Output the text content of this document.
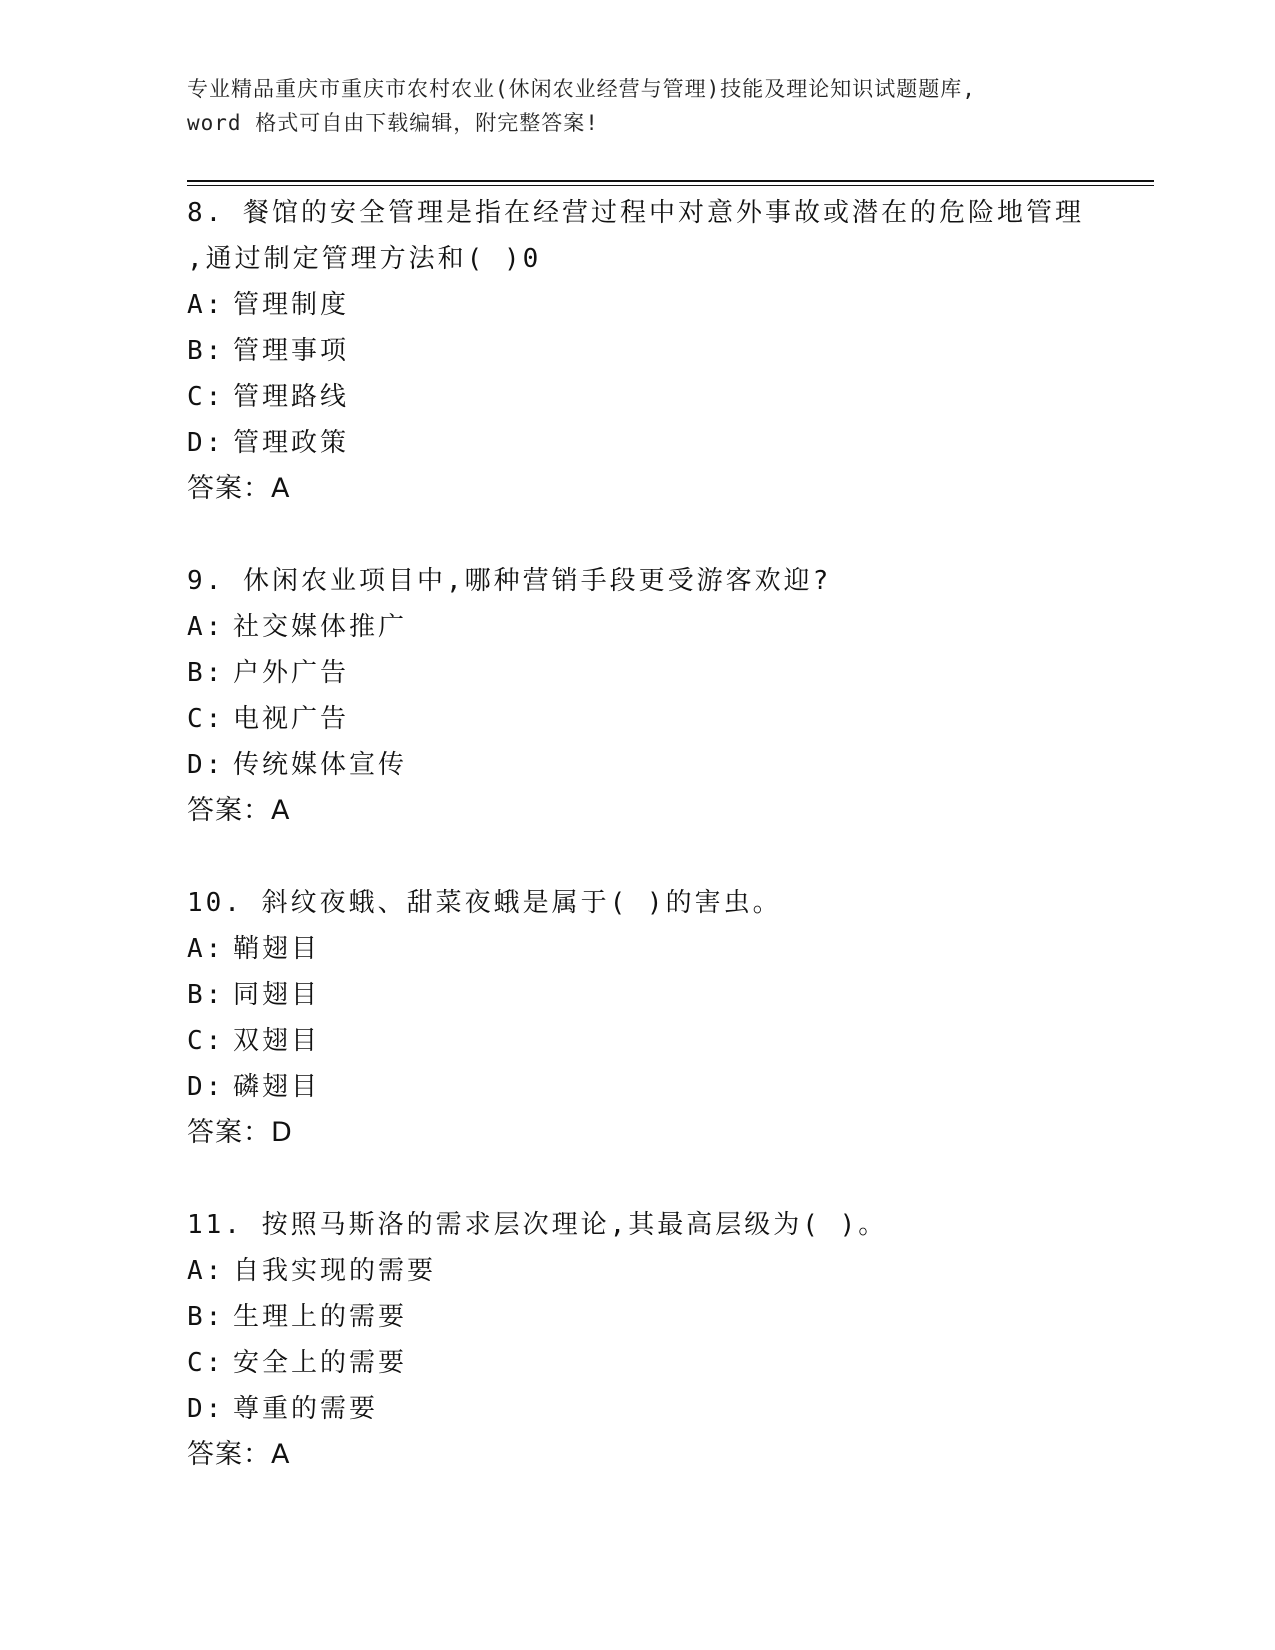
专业精品重庆市重庆市农村农业(休闲农业经营与管理)技能及理论知识试题题库,
word 格式可自由下载编辑，附完整答案!

8. 餐馆的安全管理是指在经营过程中对意外事故或潜在的危险地管理

,通过制定管理方法和( )0

A: 管理制度
B: 管理事项
C: 管理路线
D: 管理政策
答案：A

9. 休闲农业项目中,哪种营销手段更受游客欢迎?

A: 社交媒体推广
B: 户外广告
C: 电视广告
D: 传统媒体宣传
答案：A

10. 斜纹夜蛾、甜菜夜蛾是属于( )的害虫。

A: 鞘翅目
B: 同翅目
C: 双翅目
D: 磷翅目
答案：D

11. 按照马斯洛的需求层次理论,其最高层级为( )。

A: 自我实现的需要
B: 生理上的需要
C: 安全上的需要
D: 尊重的需要
答案：A
